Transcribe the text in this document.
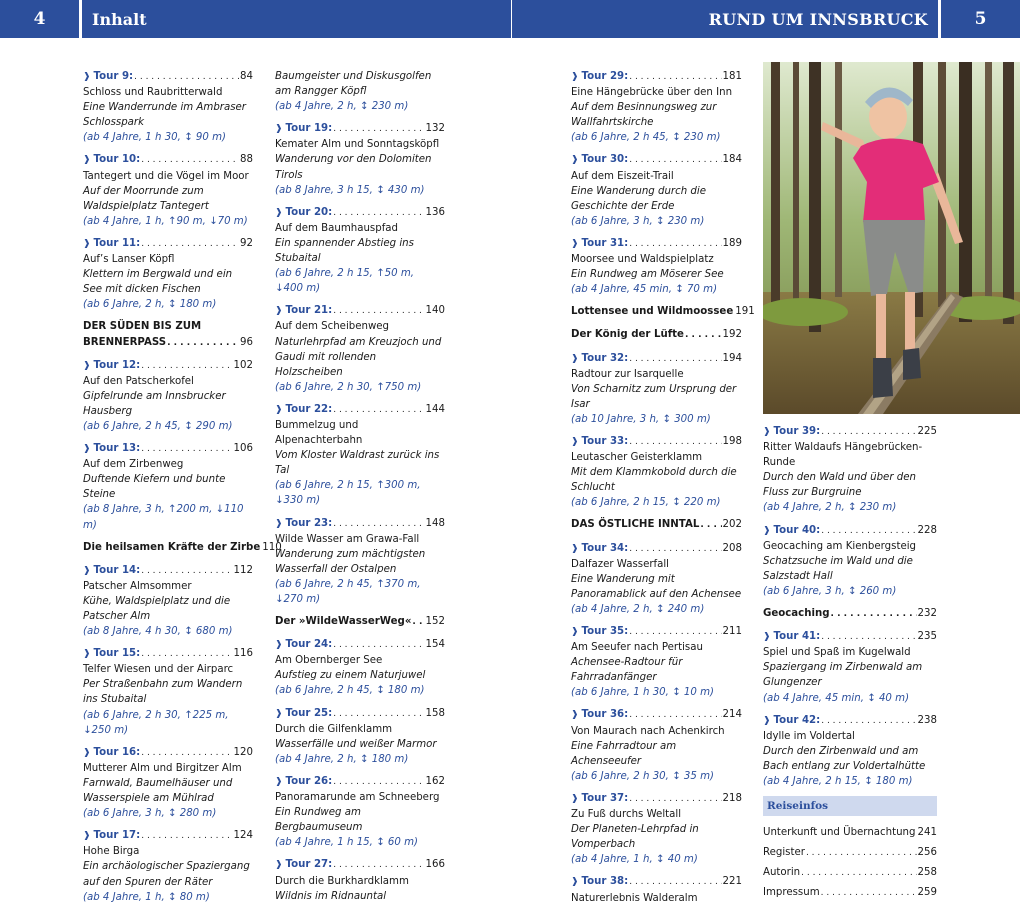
4	Inhalt	RUND UM INNSBRUCK	5
❱ Tour 9: . . .	84
Schloss und Raubritterwald
Eine Wanderrunde im Ambraser Schlosspark
(ab 4 Jahre, 1 h 30, ↕ 90 m)
❱ Tour 10: . . .	88
Tantegert und die Vögel im Moor
Auf der Moorrunde zum Waldspielplatz Tantegert
(ab 4 Jahre, 1 h, ↑90 m, ↓70 m)
❱ Tour 11: . . .	92
Auf’s Lanser Köpfl
Klettern im Bergwald und ein See mit dicken Fischen
(ab 6 Jahre, 2 h, ↕ 180 m)
DER SÜDEN BIS ZUM
BRENNERPASS . . .	96
❱ Tour 12: . . .	102
Auf den Patscherkofel
Gipfelrunde am Innsbrucker Hausberg
(ab 6 Jahre, 2 h 45, ↕ 290 m)
❱ Tour 13: . . .	106
Auf dem Zirbenweg
Duftende Kiefern und bunte Steine
(ab 8 Jahre, 3 h, ↑200 m, ↓110 m)
Die heilsamen Kräfte der Zirbe 110
❱ Tour 14: . . .	112
Patscher Almsommer
Kühe, Waldspielplatz und die Patscher Alm
(ab 8 Jahre, 4 h 30, ↕ 680 m)
❱ Tour 15: . . .	116
Telfer Wiesen und der Airparc
Per Straßenbahn zum Wandern ins Stubaital
(ab 6 Jahre, 2 h 30, ↑225 m, ↓250 m)
❱ Tour 16: . . .	120
Mutterer Alm und Birgitzer Alm
Farnwald, Baumelhäuser und Wasserspiele am Mühlrad
(ab 6 Jahre, 3 h, ↕ 280 m)
❱ Tour 17: . . .	124
Hohe Birga
Ein archäologischer Spaziergang auf den Spuren der Räter
(ab 4 Jahre, 1 h, ↕ 80 m)
Baumgeister und Diskusgolfen am Rangger Köpfl
(ab 4 Jahre, 2 h, ↕ 230 m)
❱ Tour 19: . . .	132
Kemater Alm und Sonntagsköpfl
Wanderung vor den Dolomiten Tirols
(ab 8 Jahre, 3 h 15, ↕ 430 m)
❱ Tour 20: . . .	136
Auf dem Baumhauspfad
Ein spannender Abstieg ins Stubaital
(ab 6 Jahre, 2 h 15, ↑50 m, ↓400 m)
❱ Tour 21: . . .	140
Auf dem Scheibenweg
Naturlehrpfad am Kreuzjoch und Gaudi mit rollenden Holzscheiben
(ab 6 Jahre, 2 h 30, ↑750 m)
❱ Tour 22: . . .	144
Bummelzug und Alpenachterbahn
Vom Kloster Waldrast zurück ins Tal
(ab 6 Jahre, 2 h 15, ↑300 m, ↓330 m)
❱ Tour 23: . . .	148
Wilde Wasser am Grawa-Fall
Wanderung zum mächtigsten Wasserfall der Ostalpen
(ab 6 Jahre, 2 h 45, ↑370 m, ↓270 m)
Der »WildeWasserWeg« . . . 152
❱ Tour 24: . . .	154
Am Obernberger See
Aufstieg zu einem Naturjuwel
(ab 6 Jahre, 2 h 45, ↕ 180 m)
❱ Tour 25: . . .	158
Durch die Gilfenklamm
Wasserfälle und weißer Marmor
(ab 4 Jahre, 2 h, ↕ 180 m)
❱ Tour 26: . . .	162
Panoramarunde am Schneeberg
Ein Rundweg am Bergbaumuseum
(ab 4 Jahre, 1 h 15, ↕ 60 m)
❱ Tour 27: . . .	166
Durch die Burkhardklamm
Wildnis im Ridnauntal
❱ Tour 29: . . .	181
Eine Hängebrücke über den Inn
Auf dem Besinnungsweg zur Wallfahrtskirche
(ab 6 Jahre, 2 h 45, ↕ 230 m)
❱ Tour 30: . . .	184
Auf dem Eiszeit-Trail
Eine Wanderung durch die Geschichte der Erde
(ab 6 Jahre, 3 h, ↕ 230 m)
❱ Tour 31: . . .	189
Moorsee und Waldspielplatz
Ein Rundweg am Möserer See
(ab 4 Jahre, 45 min, ↕ 70 m)
Lottensee und Wildmoossee 191
Der König der Lüfte . . .	192
❱ Tour 32: . . .	194
Radtour zur Isarquelle
Von Scharnitz zum Ursprung der Isar
(ab 10 Jahre, 3 h, ↕ 300 m)
❱ Tour 33: . . .	198
Leutascher Geisterklamm
Mit dem Klammkobold durch die Schlucht
(ab 6 Jahre, 2 h 15, ↕ 220 m)
DAS ÖSTLICHE INNTAL . . . 202
❱ Tour 34: . . .	208
Dalfazer Wasserfall
Eine Wanderung mit Panoramablick auf den Achensee
(ab 4 Jahre, 2 h, ↕ 240 m)
❱ Tour 35: . . .	211
Am Seeufer nach Pertisau
Achensee-Radtour für Fahrradanfänger
(ab 6 Jahre, 1 h 30, ↕ 10 m)
❱ Tour 36: . . .	214
Von Maurach nach Achenkirch
Eine Fahrradtour am Achenseeufer
(ab 6 Jahre, 2 h 30, ↕ 35 m)
❱ Tour 37: . . .	218
Zu Fuß durchs Weltall
Der Planeten-Lehrpfad in Vomperbach
(ab 4 Jahre, 1 h, ↕ 40 m)
❱ Tour 38: . . .	221
Naturerlebnis Walderalm
❱ Tour 39: . . .	225
Ritter Waldaufs Hängebrücken-Runde
Durch den Wald und über den Fluss zur Burgruine
(ab 4 Jahre, 2 h, ↕ 230 m)
❱ Tour 40: . . .	228
Geocaching am Kienbergsteig
Schatzsuche im Wald und die Salzstadt Hall
(ab 6 Jahre, 3 h, ↕ 260 m)
Geocaching . . .	232
❱ Tour 41: . . .	235
Spiel und Spaß im Kugelwald
Spaziergang im Zirbenwald am Glungenzer
(ab 4 Jahre, 45 min, ↕ 40 m)
❱ Tour 42: . . .	238
Idylle im Voldertal
Durch den Zirbenwald und am Bach entlang zur Voldertalhütte
(ab 4 Jahre, 2 h 15, ↕ 180 m)
Reiseinfos
Unterkunft und Übernachtung . . . 241
Register . . .	256
Autorin . . .	258
Impressum . . .	259
